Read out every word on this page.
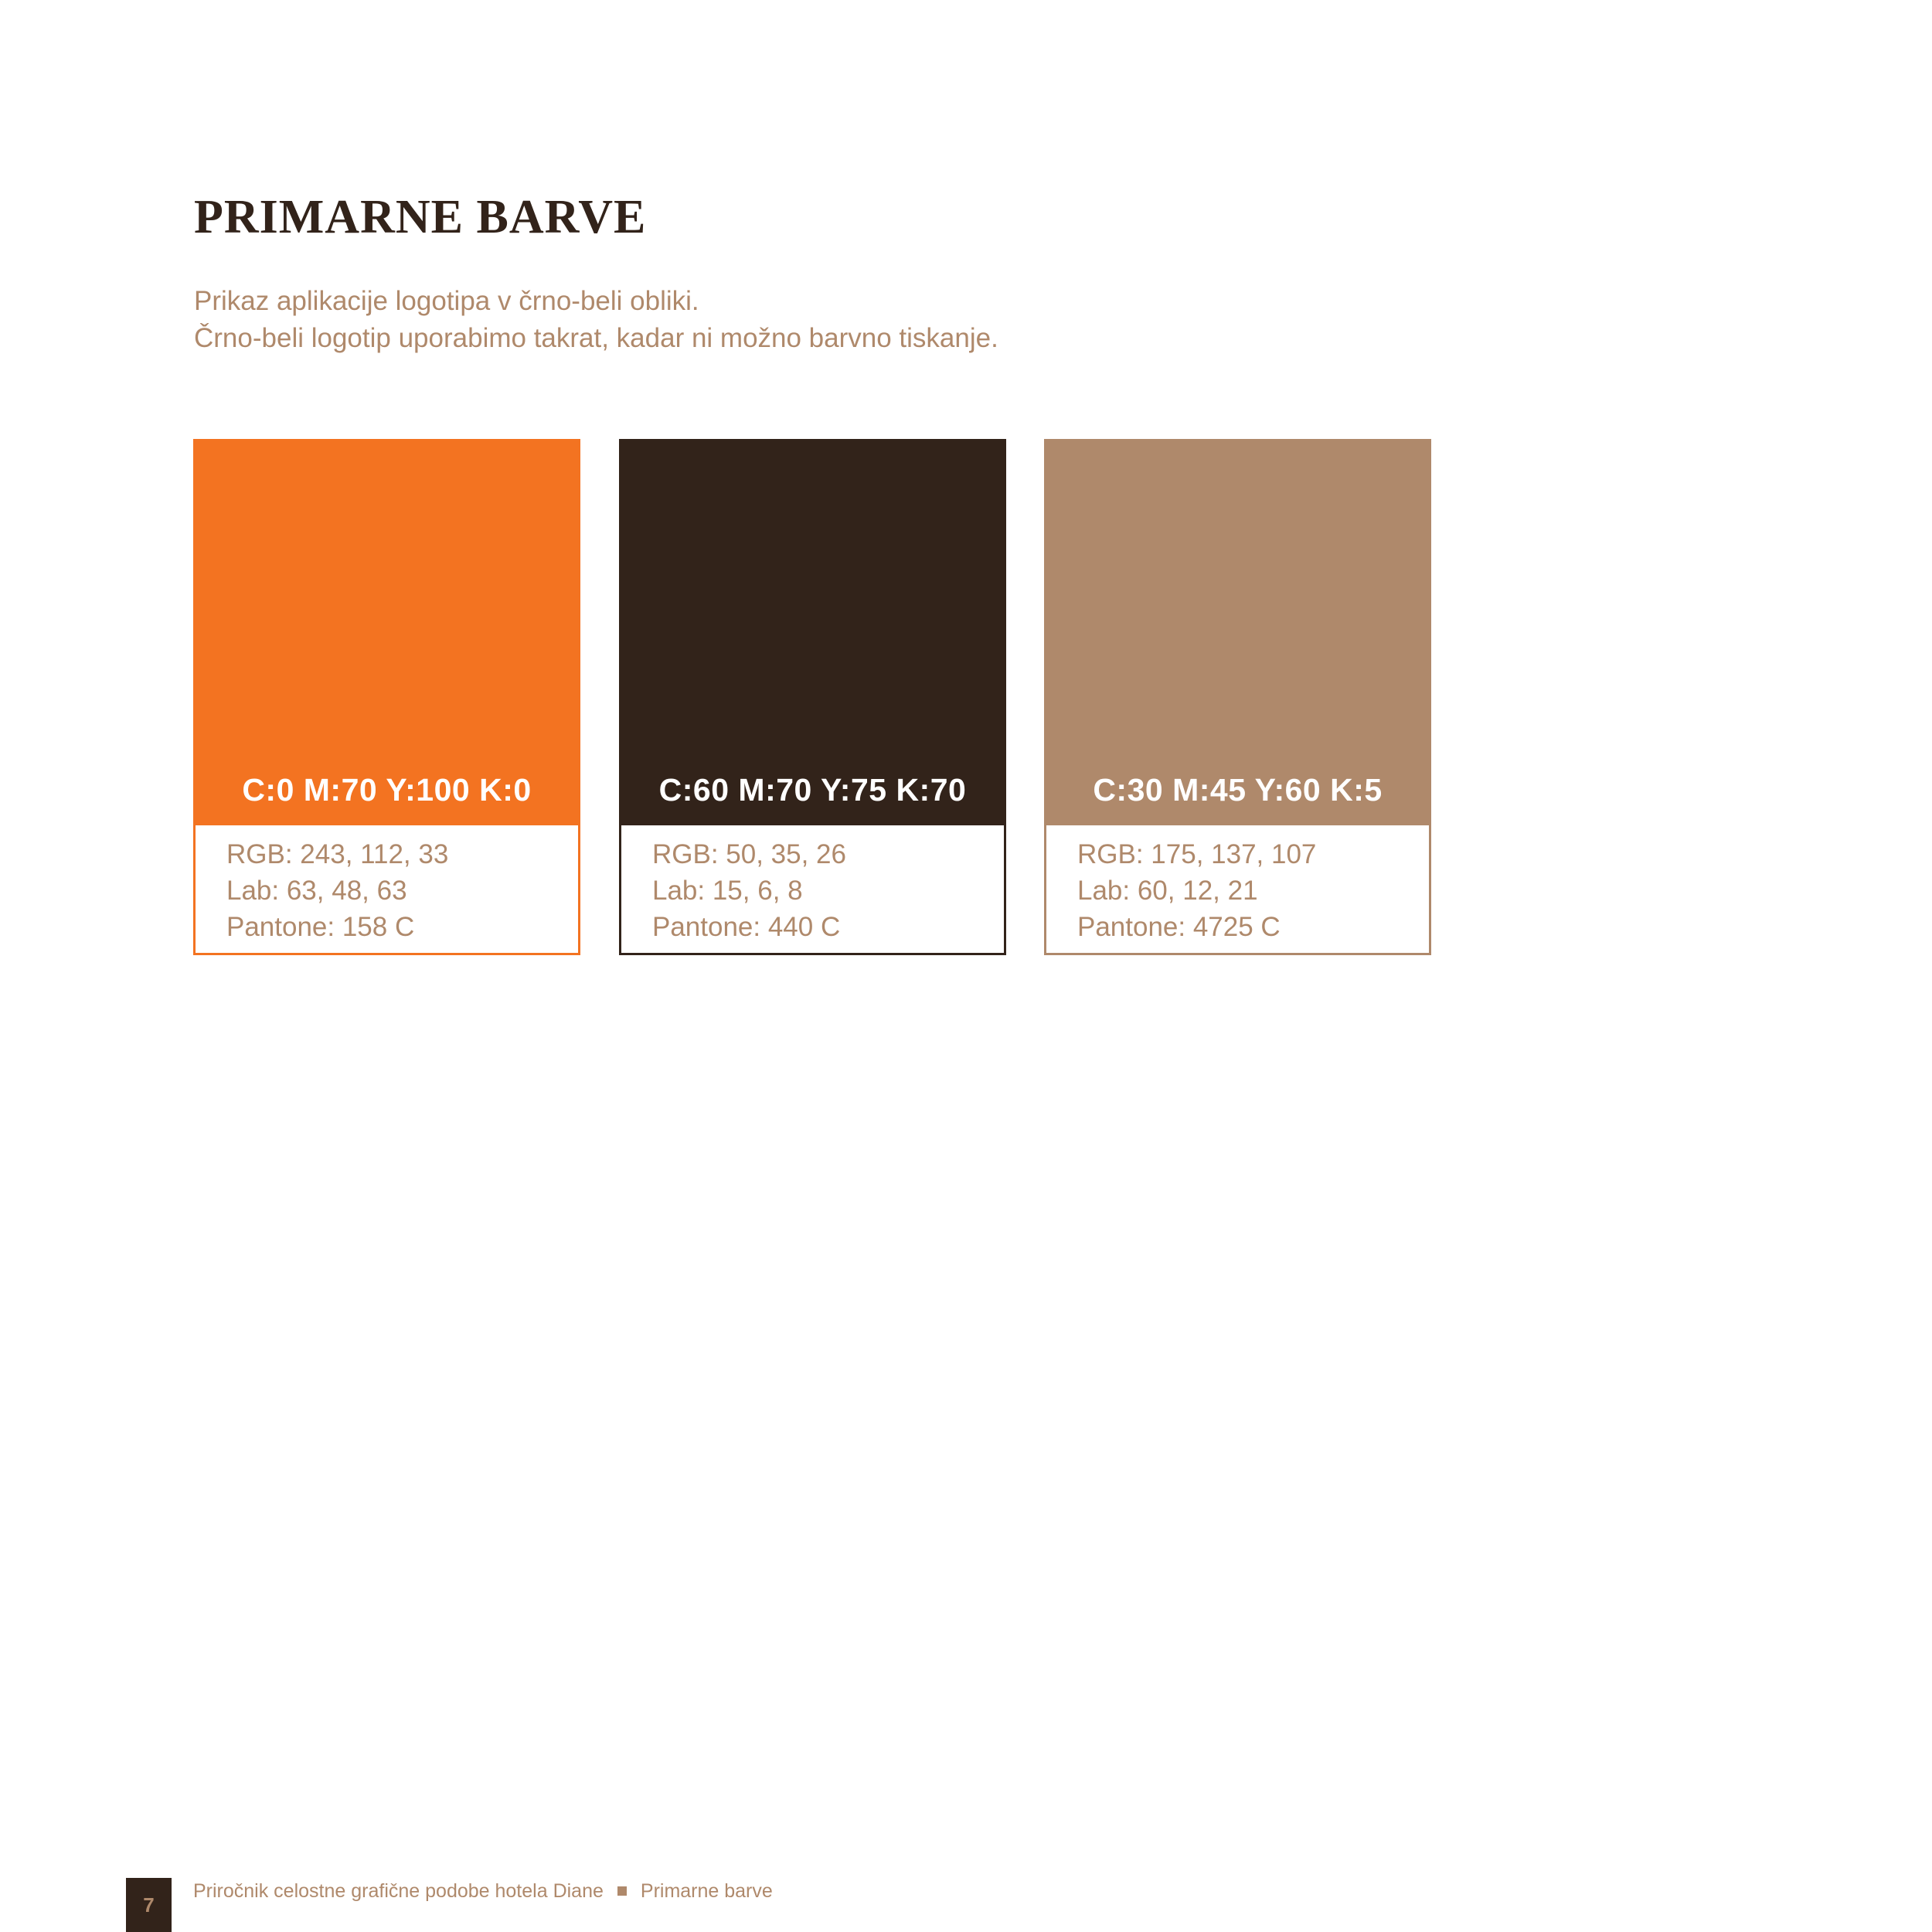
PRIMARNE BARVE
Prikaz aplikacije logotipa v črno-beli obliki.
Črno-beli logotip uporabimo takrat, kadar ni možno barvno tiskanje.
C:0 M:70 Y:100 K:0
RGB: 243, 112, 33
Lab: 63, 48, 63
Pantone: 158 C
C:60 M:70 Y:75 K:70
RGB: 50, 35, 26
Lab: 15, 6, 8
Pantone: 440 C
C:30 M:45 Y:60 K:5
RGB: 175, 137, 107
Lab: 60, 12, 21
Pantone: 4725 C
7
Priročnik celostne grafične podobe hotela Diane Primarne barve
